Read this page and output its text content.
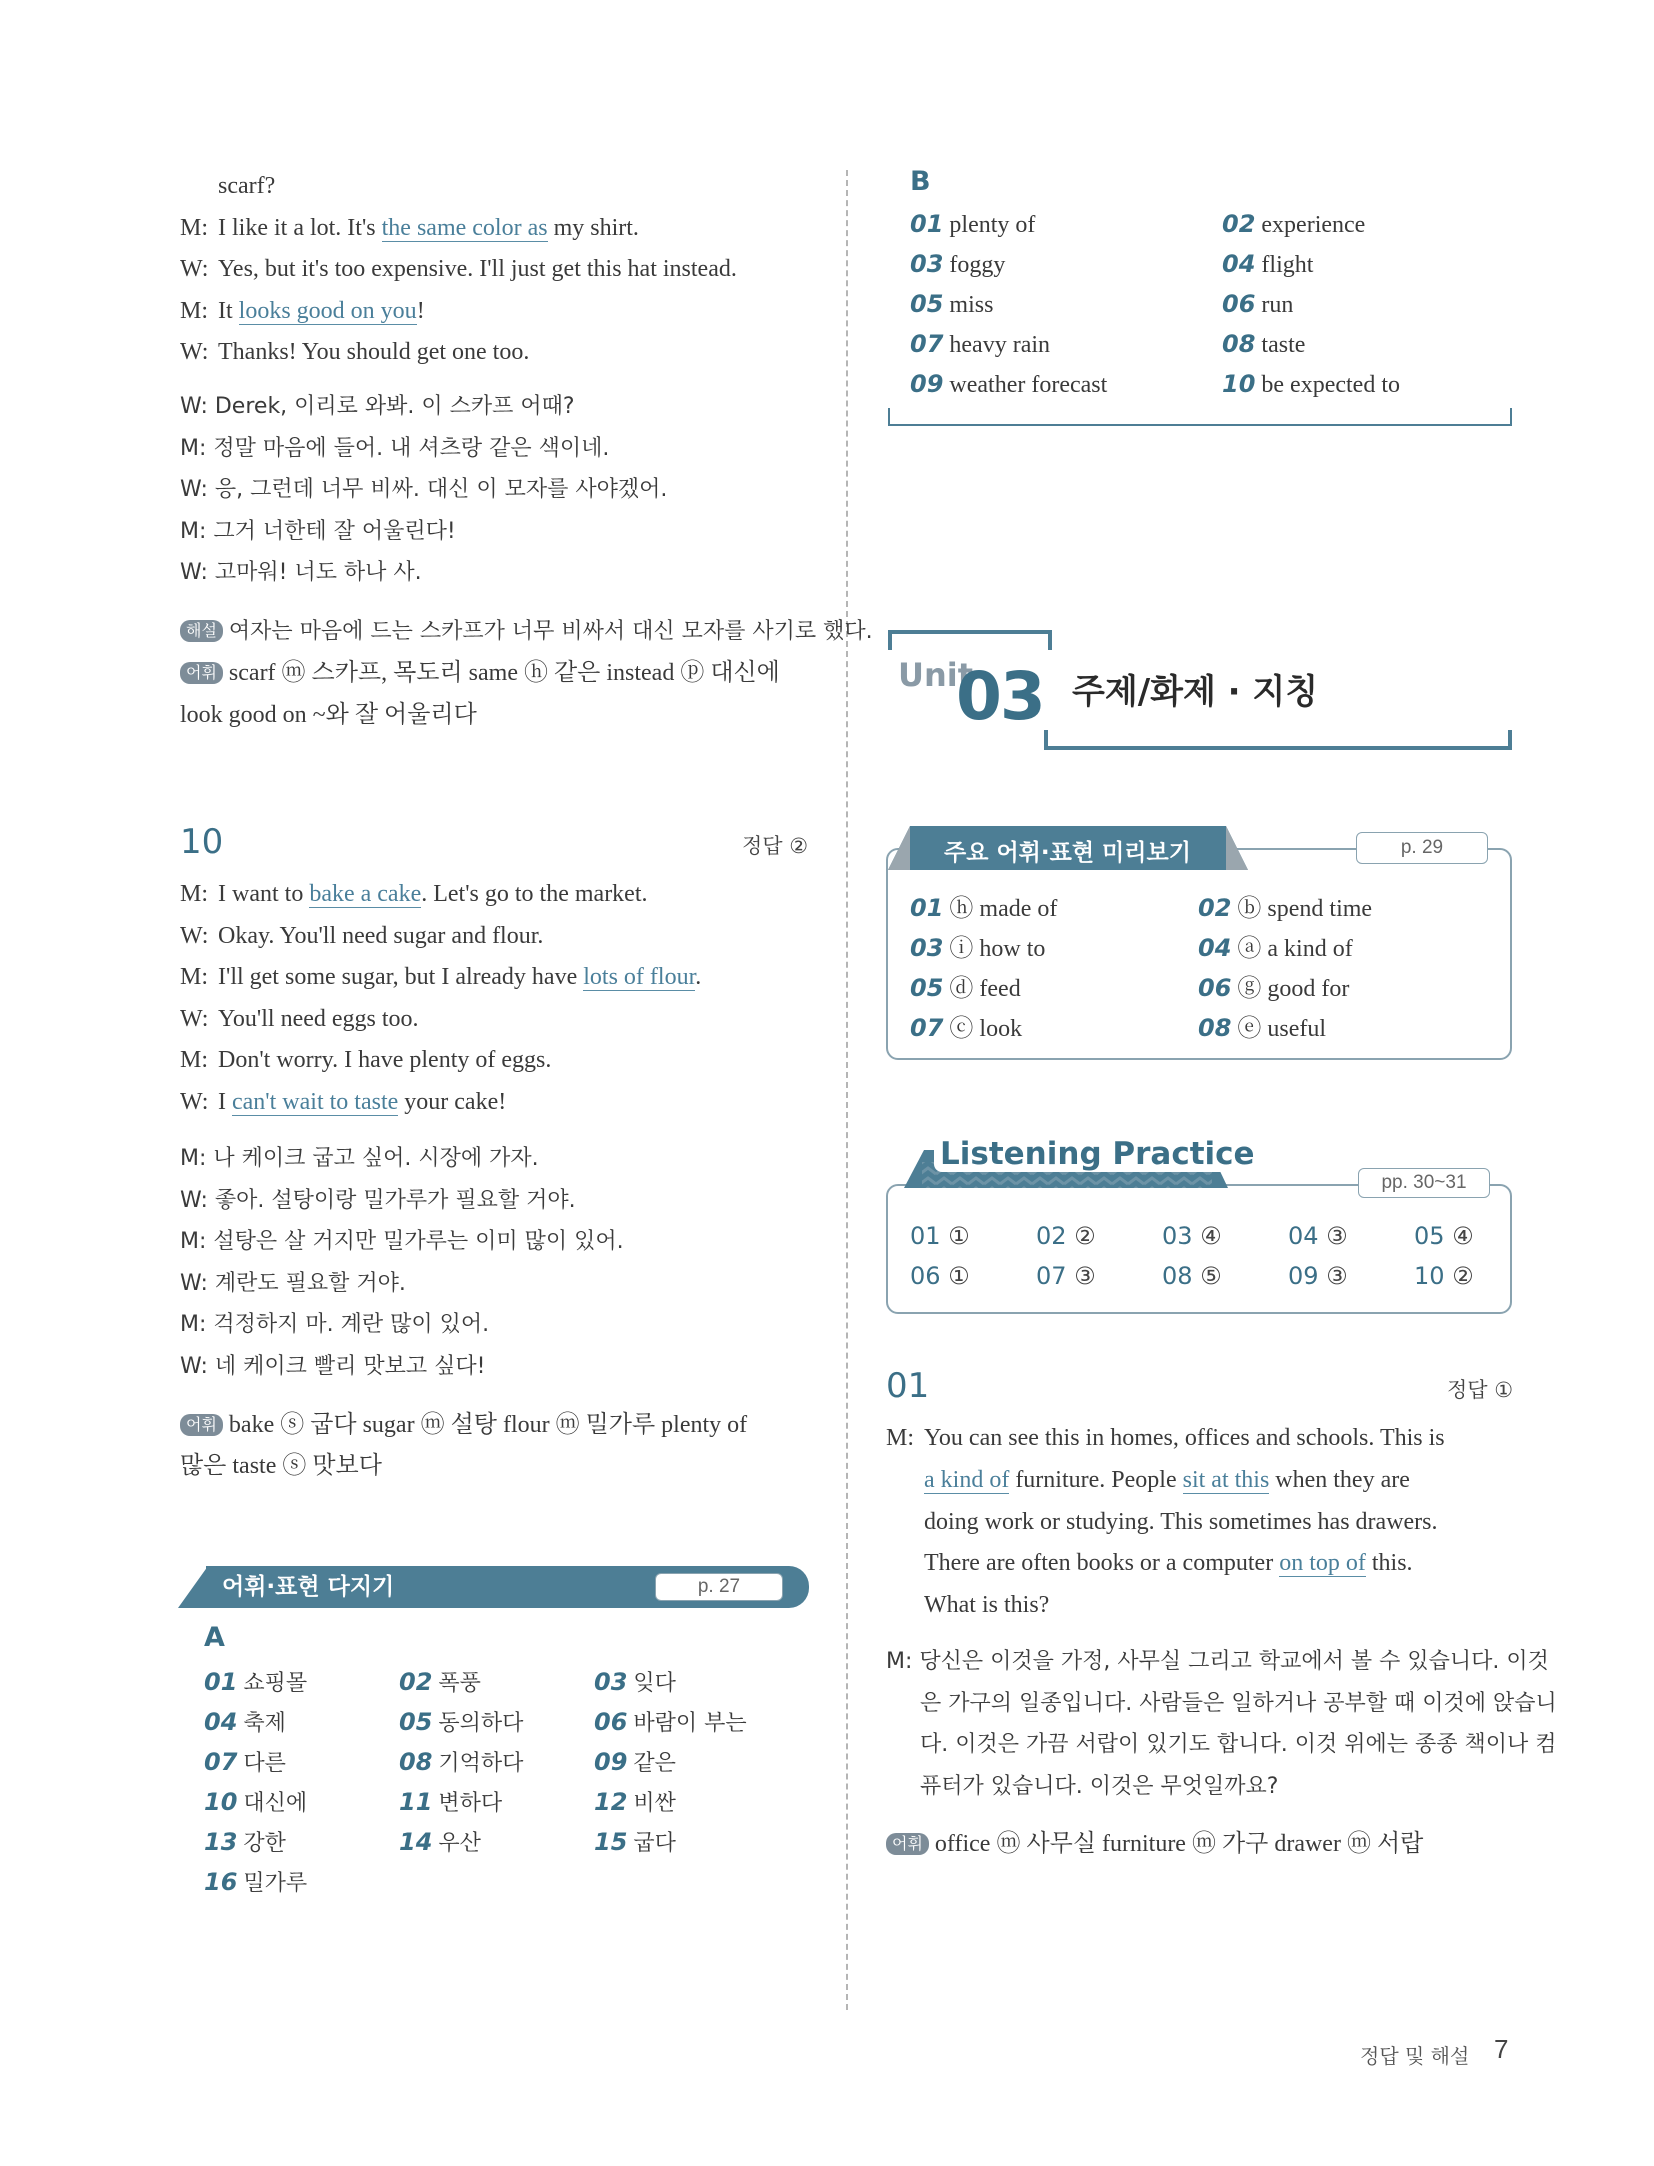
scarf?
M: I like it a lot. It's the same color as my shirt.
W: Yes, but it's too expensive. I'll just get this hat instead.
M: It looks good on you!
W: Thanks! You should get one too.
W: Derek, 이리로 와봐. 이 스카프 어때?
M: 정말 마음에 들어. 내 셔츠랑 같은 색이네.
W: 응, 그런데 너무 비싸. 대신 이 모자를 사야겠어.
M: 그거 너한테 잘 어울린다!
W: 고마워! 너도 하나 사.
해설 여자는 마음에 드는 스카프가 너무 비싸서 대신 모자를 사기로 했다.
어휘 scarf ⓜ 스카프, 목도리 same ⓗ 같은 instead ⓟ 대신에
look good on ~와 잘 어울리다
10	정답 ②
M: I want to bake a cake. Let's go to the market.
W: Okay. You'll need sugar and flour.
M: I'll get some sugar, but I already have lots of flour.
W: You'll need eggs too.
M: Don't worry. I have plenty of eggs.
W: I can't wait to taste your cake!
M: 나 케이크 굽고 싶어. 시장에 가자.
W: 좋아. 설탕이랑 밀가루가 필요할 거야.
M: 설탕은 살 거지만 밀가루는 이미 많이 있어.
W: 계란도 필요할 거야.
M: 걱정하지 마. 계란 많이 있어.
W: 네 케이크 빨리 맛보고 싶다!
어휘 bake ⓢ 굽다 sugar ⓜ 설탕 flour ⓜ 밀가루 plenty of
많은 taste ⓢ 맛보다
어휘·표현 다지기	p. 27
A
01 쇼핑몰	02 폭풍	03 잊다
04 축제	05 동의하다	06 바람이 부는
07 다른	08 기억하다	09 같은
10 대신에	11 변하다	12 비싼
13 강한	14 우산	15 굽다
16 밀가루
B
01 plenty of	02 experience
03 foggy	04 flight
05 miss	06 run
07 heavy rain	08 taste
09 weather forecast	10 be expected to
Unit
03 주제/화제 · 지칭
주요 어휘·표현 미리보기	p. 29
01 ⓗ made of	02 ⓑ spend time
03 ⓘ how to	04 ⓐ a kind of
05 ⓓ feed	06 ⓖ good for
07 ⓒ look	08 ⓔ useful
Listening Practice
pp. 30~31
01 ①	02 ②	03 ④	04 ③	05 ④
06 ①	07 ③	08 ⑤	09 ③	10 ②
01	정답 ①
M: You can see this in homes, offices and schools. This is
a kind of furniture. People sit at this when they are
doing work or studying. This sometimes has drawers.
There are often books or a computer on top of this.
What is this?
M: 당신은 이것을 가정, 사무실 그리고 학교에서 볼 수 있습니다. 이것
은 가구의 일종입니다. 사람들은 일하거나 공부할 때 이것에 앉습니
다. 이것은 가끔 서랍이 있기도 합니다. 이것 위에는 종종 책이나 컴
퓨터가 있습니다. 이것은 무엇일까요?
어휘 office ⓜ 사무실 furniture ⓜ 가구 drawer ⓜ 서랍
정답 및 해설 7
